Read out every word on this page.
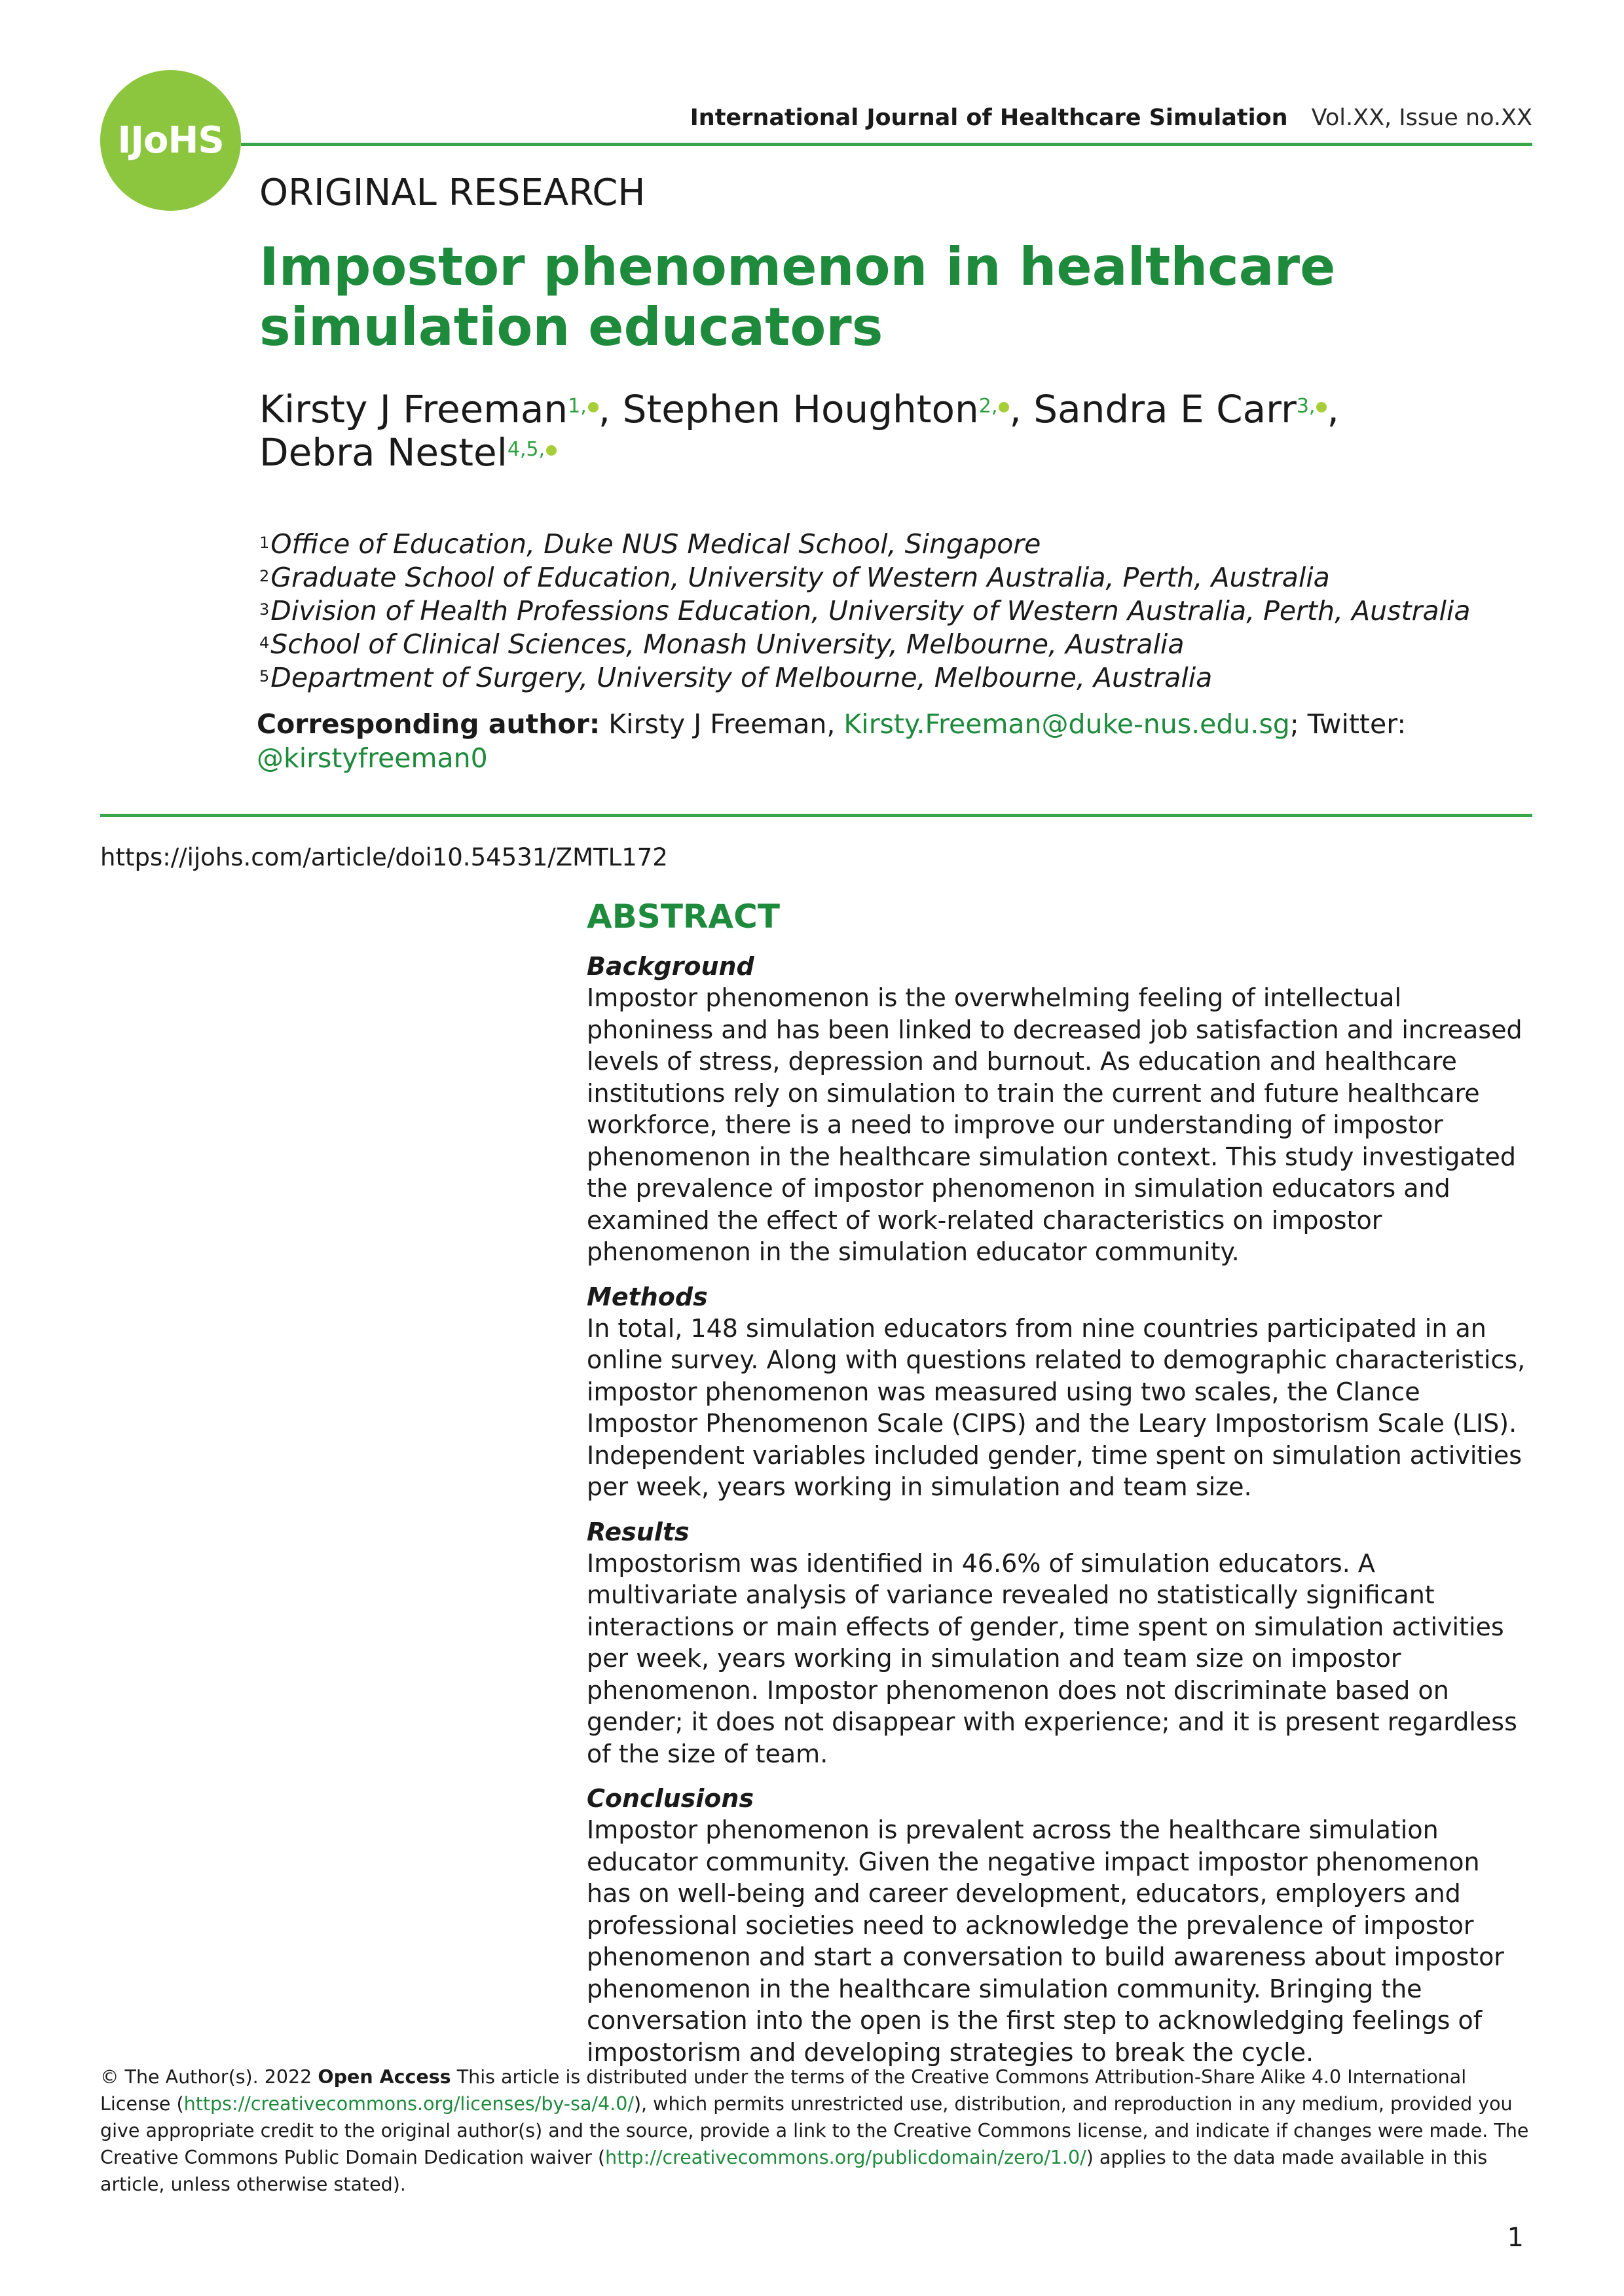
IJoHS
International Journal of Healthcare Simulation Vol.XX, Issue no.XX
ORIGINAL RESEARCH
Impostor phenomenon in healthcare simulation educators
Kirsty J Freeman$^{1,}$ , Stephen Houghton$^{2,}$ , Sandra E Carr$^{3,}$ ,
Debra Nestel$^{4,5,}$
$^1$Office of Education, Duke NUS Medical School, Singapore
$^2$Graduate School of Education, University of Western Australia, Perth, Australia
$^3$Division of Health Professions Education, University of Western Australia, Perth, Australia
$^4$School of Clinical Sciences, Monash University, Melbourne, Australia
$^5$Department of Surgery, University of Melbourne, Melbourne, Australia
Corresponding author: Kirsty J Freeman, Kirsty.Freeman@duke-nus.edu.sg; Twitter:
@kirstyfreeman0
https://ijohs.com/article/doi10.54531/ZMTL172
ABSTRACT
Background

Impostor phenomenon is the overwhelming feeling of intellectual phoniness and has been linked to decreased job satisfaction and increased levels of stress, depression and burnout. As education and healthcare institutions rely on simulation to train the current and future healthcare workforce, there is a need to improve our understanding of impostor phenomenon in the healthcare simulation context. This study investigated the prevalence of impostor phenomenon in simulation educators and examined the effect of work-related characteristics on impostor phenomenon in the simulation educator community.

Methods

In total, 148 simulation educators from nine countries participated in an online survey. Along with questions related to demographic characteristics, impostor phenomenon was measured using two scales, the Clance Impostor Phenomenon Scale (CIPS) and the Leary Impostorism Scale (LIS). Independent variables included gender, time spent on simulation activities per week, years working in simulation and team size.

Results

Impostorism was identified in 46.6% of simulation educators. A multivariate analysis of variance revealed no statistically significant interactions or main effects of gender, time spent on simulation activities per week, years working in simulation and team size on impostor phenomenon. Impostor phenomenon does not discriminate based on gender; it does not disappear with experience; and it is present regardless of the size of team.

Conclusions

Impostor phenomenon is prevalent across the healthcare simulation educator community. Given the negative impact impostor phenomenon has on well-being and career development, educators, employers and professional societies need to acknowledge the prevalence of impostor phenomenon and start a conversation to build awareness about impostor phenomenon in the healthcare simulation community. Bringing the conversation into the open is the first step to acknowledging feelings of impostorism and developing strategies to break the cycle.

© The Author(s). 2022 Open Access This article is distributed under the terms of the Creative Commons Attribution-Share Alike 4.0 International License (https://creativecommons.org/licenses/by-sa/4.0/), which permits unrestricted use, distribution, and reproduction in any medium, provided you give appropriate credit to the original author(s) and the source, provide a link to the Creative Commons license, and indicate if changes were made. The Creative Commons Public Domain Dedication waiver (http://creativecommons.org/publicdomain/zero/1.0/) applies to the data made available in this article, unless otherwise stated).
1
